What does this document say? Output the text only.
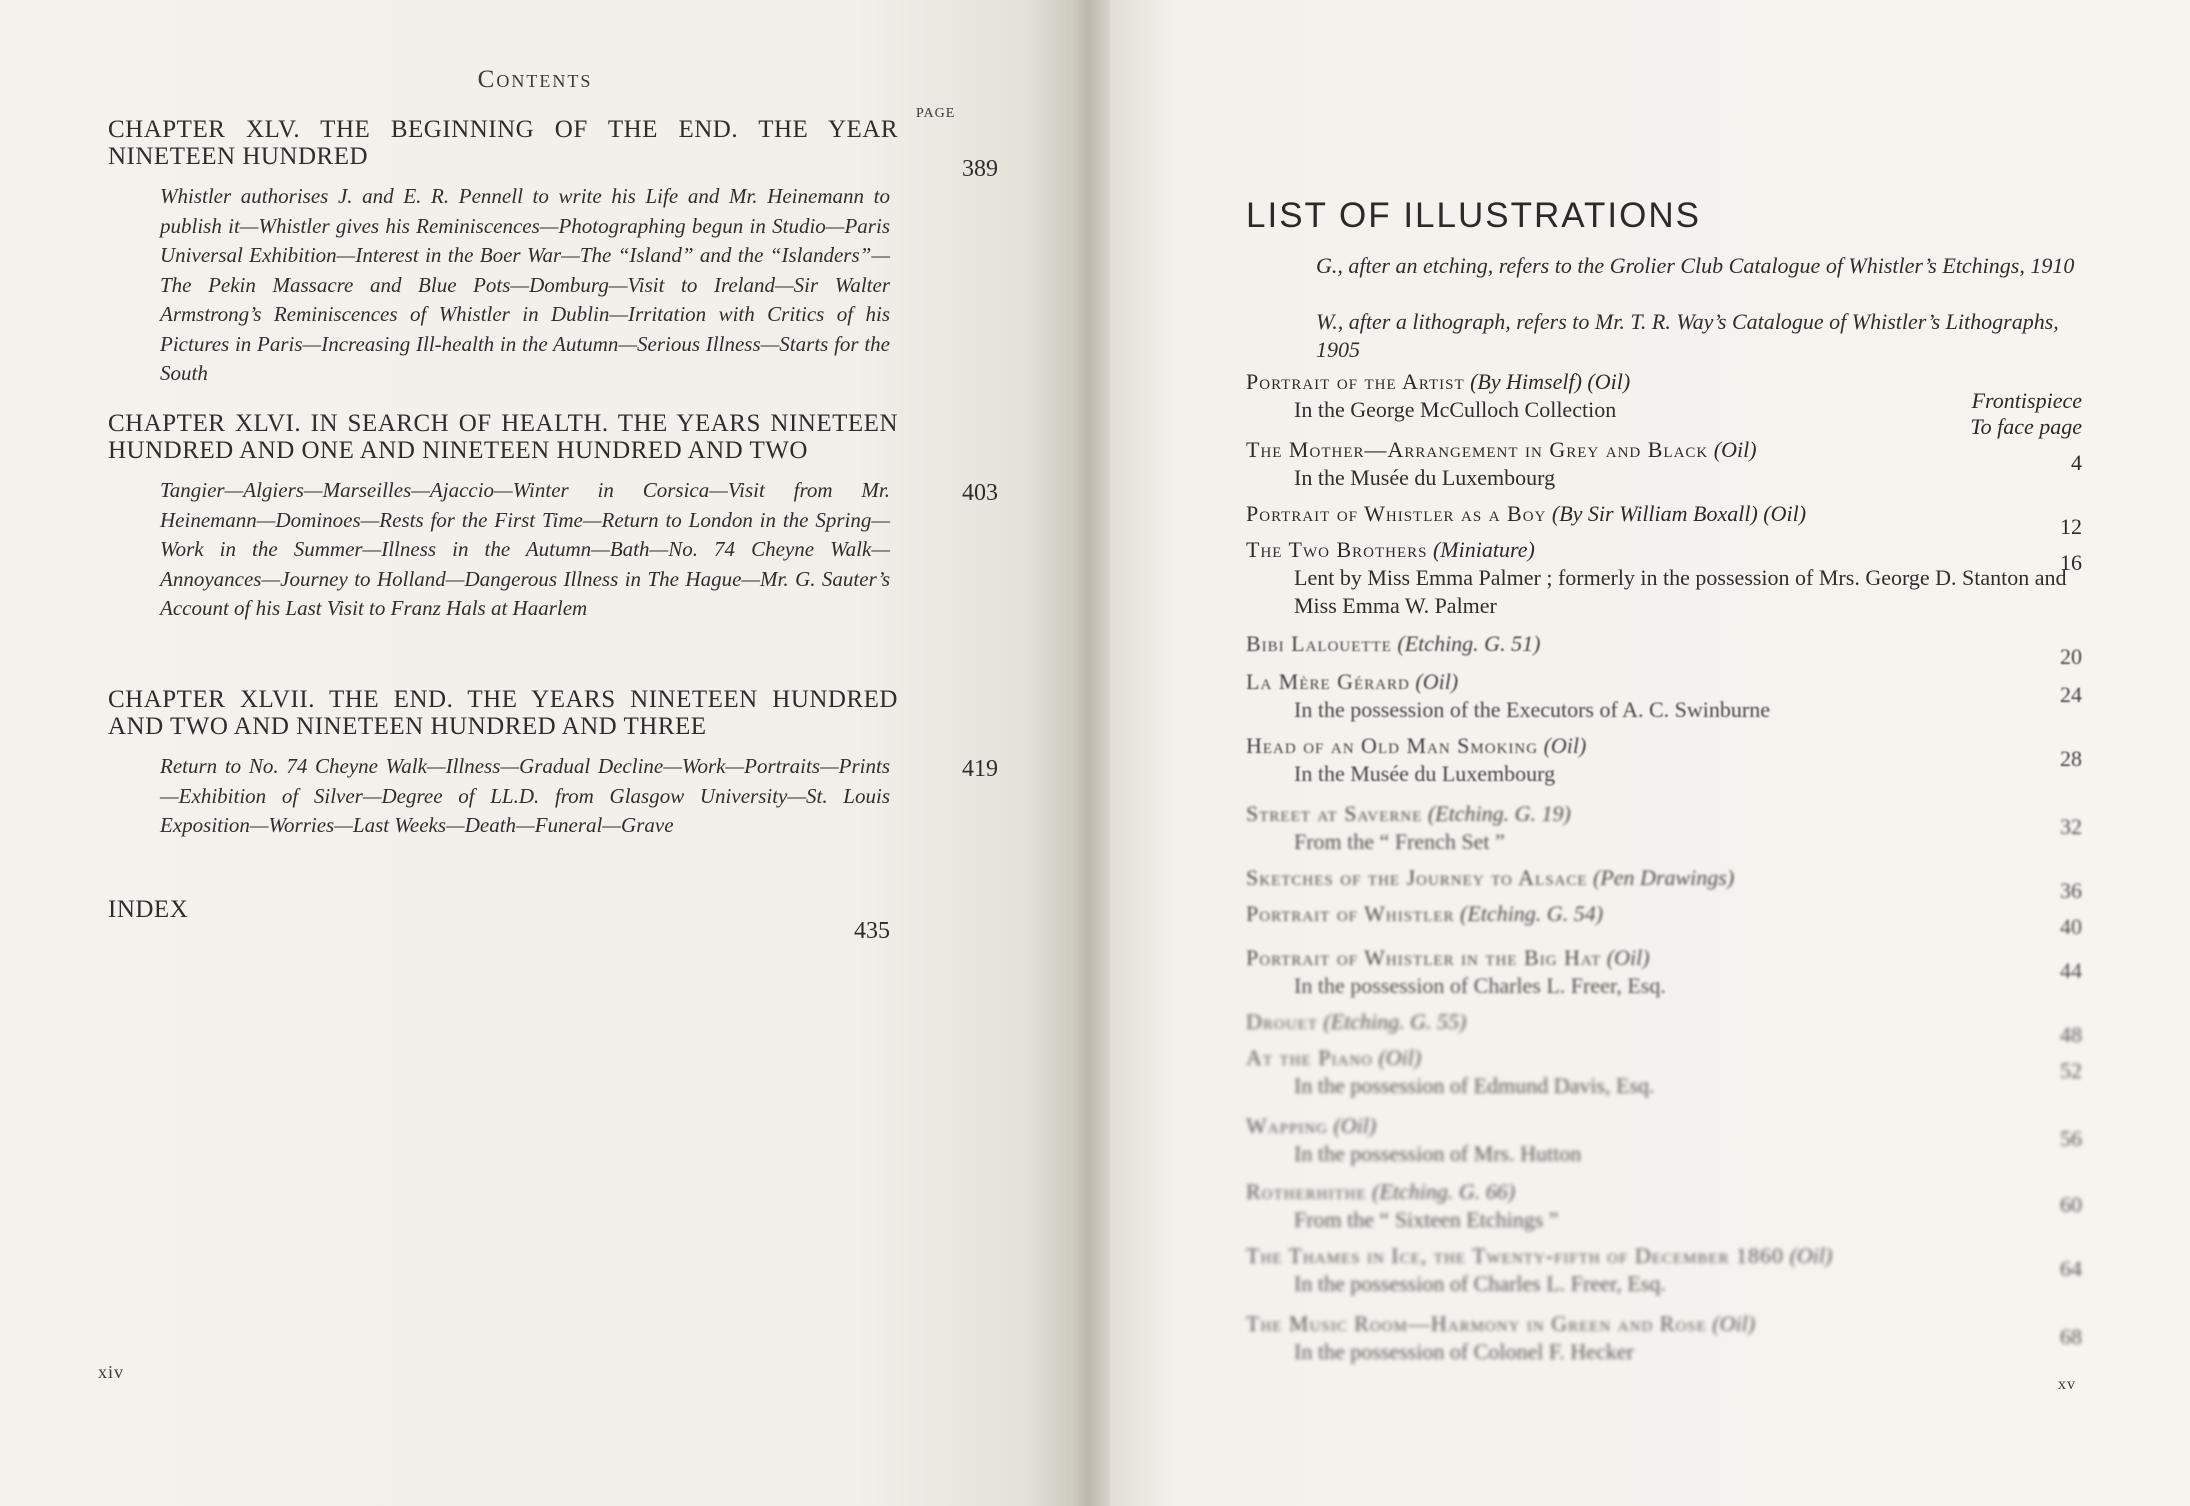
Contents
PAGE
CHAPTER XLV. THE BEGINNING OF THE END. THE YEAR NINETEEN HUNDRED	389
Whistler authorises J. and E. R. Pennell to write his Life and Mr. Heinemann to publish it—Whistler gives his Reminiscences—Photographing begun in Studio—Paris Universal Exhibition—Interest in the Boer War—The “Island” and the “Islanders”—The Pekin Massacre and Blue Pots—Domburg—Visit to Ireland—Sir Walter Armstrong’s Reminiscences of Whistler in Dublin—Irritation with Critics of his Pictures in Paris—Increasing Ill-health in the Autumn—Serious Illness—Starts for the South
CHAPTER XLVI. IN SEARCH OF HEALTH. THE YEARS NINETEEN HUNDRED AND ONE AND NINETEEN HUNDRED AND TWO
403
Tangier—Algiers—Marseilles—Ajaccio—Winter in Corsica—Visit from Mr. Heinemann—Dominoes—Rests for the First Time—Return to London in the Spring—Work in the Summer—Illness in the Autumn—Bath—No. 74 Cheyne Walk—Annoyances—Journey to Holland—Dangerous Illness in The Hague—Mr. G. Sauter’s Account of his Last Visit to Franz Hals at Haarlem
CHAPTER XLVII. THE END. THE YEARS NINETEEN HUNDRED AND TWO AND NINETEEN HUNDRED AND THREE
419
Return to No. 74 Cheyne Walk—Illness—Gradual Decline—Work—Portraits—Prints—Exhibition of Silver—Degree of LL.D. from Glasgow University—St. Louis Exposition—Worries—Last Weeks—Death—Funeral—Grave
INDEX
435
xiv
LIST OF ILLUSTRATIONS
G., after an etching, refers to the Grolier Club Catalogue of Whistler’s Etchings, 1910
W., after a lithograph, refers to Mr. T. R. Way’s Catalogue of Whistler’s Lithographs, 1905
Frontispiece
To face page
Portrait of the Artist (By Himself) (Oil)
In the George McCulloch Collection
The Mother—Arrangement in Grey and Black (Oil)
In the Musée du Luxembourg
4
Portrait of Whistler as a Boy (By Sir William Boxall) (Oil)
12
The Two Brothers (Miniature)
Lent by Miss Emma Palmer ; formerly in the possession of Mrs. George D. Stanton and Miss Emma W. Palmer
16
Bibi Lalouette (Etching. G. 51)
20
La Mère Gérard (Oil)
In the possession of the Executors of A. C. Swinburne
24
Head of an Old Man Smoking (Oil)
In the Musée du Luxembourg
28
Street at Saverne (Etching. G. 19)
From the “ French Set ”
32
Sketches of the Journey to Alsace (Pen Drawings)
36
Portrait of Whistler (Etching. G. 54)
40
Portrait of Whistler in the Big Hat (Oil)
In the possession of Charles L. Freer, Esq.
44
Drouet (Etching. G. 55)
48
At the Piano (Oil)
In the possession of Edmund Davis, Esq.
52
Wapping (Oil)
In the possession of Mrs. Hutton
56
Rotherhithe (Etching. G. 66)
From the “ Sixteen Etchings ”
60
The Thames in Ice, the Twenty-fifth of December 1860 (Oil)
In the possession of Charles L. Freer, Esq.
64
The Music Room—Harmony in Green and Rose (Oil)
In the possession of Colonel F. Hecker
68
xv
